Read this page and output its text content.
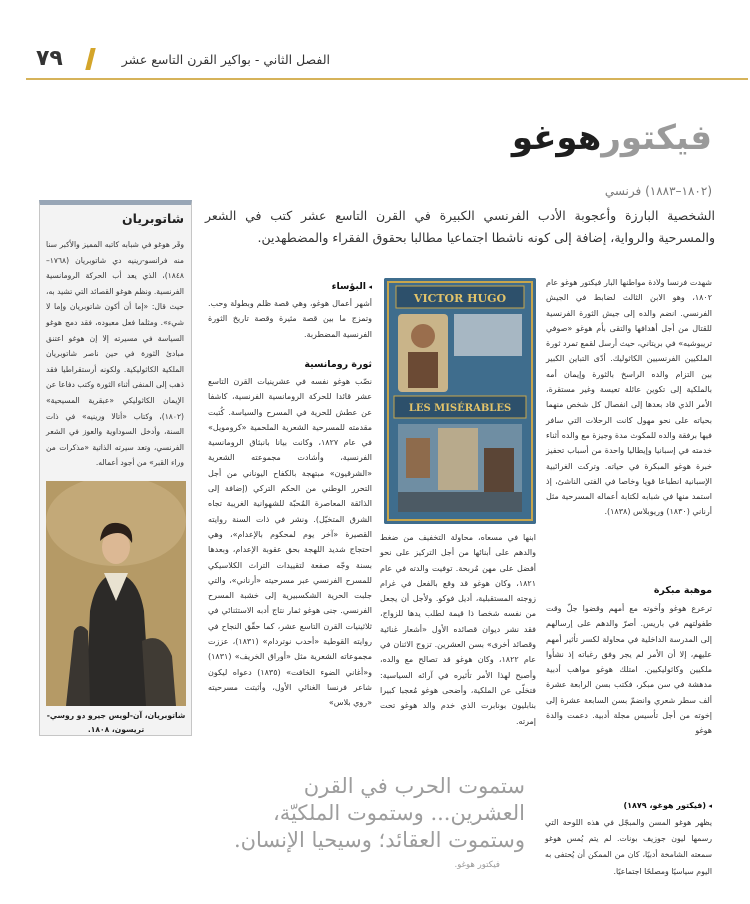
٧٩	الفصل الثاني - بواكير القرن التاسع عشر
فيكتورهوغو
(١٨٠٢–١٨٨٣) فرنسي
الشخصية البارزة وأعجوبة الأدب الفرنسي الكبيرة في القرن التاسع عشر كتب في الشعر والمسرحية والرواية، إضافة إلى كونه ناشطا اجتماعيا مطالبا بحقوق الفقراء والمضطهدين.
شاتوبريان
وقَر هوغو في شبابه كاتبه المميز والأكبر سنا منه فرانسو-رينيه دي شاتوبريان (١٧٦٨–١٨٤٨)، الذي يعد أب الحركة الرومانسية الفرنسية. ونظم هوغو القصائد التي تشيد به، حيث قال: «إما أن أكون شاتوبريان وإما لا شيء». ومثلما فعل معبوده، فقد دمج هوغو السياسة في مسيرته إلا إن هوغو اعتنق مبادئ الثورة في حين ناصر شاتوبريان الملكية الكاثوليكية. ولكونه أرستقراطيا فقد ذهب إلى المنفى أثناء الثورة وكتب دفاعا عن الإيمان الكاثوليكي «عبقرية المسيحية» (١٨٠٢)، وكتاب «أتالا ورينيه» في ذات السنة، وأدخل السوداوية والعوز في الشعر الفرنسي، وتعد سيرته الذاتية «مذكرات من وراء القبر» من أجود أعماله.
شاتوبريان، آن-لويس جيرو دو روسي-تريسون، ١٨٠٨.
VICTOR HUGO
LES MISÉRABLES
شهدت فرنسا ولادة مواطنها البار فيكتور هوغو عام ١٨٠٢، وهو الابن الثالث لضابط في الجيش الفرنسي. انضم والده إلى جيش الثورة الفرنسية للقتال من أجل أهدافها والتقى بأم هوغو «صوفي تريبوشيه» في بريتاني، حيث أرسل لقمع تمرد ثورة الملكيين الفرنسيين الكاثوليك. أدّى التباين الكبير بين التزام والده الراسخ بالثورة وإيمان أمه بالملكية إلى تكوين عائلة تعيسة وغير مستقرة، الأمر الذي قاد بعدها إلى انفصال كل شخص منهما بحياته على نحو مهول كانت الرحلات التي سافر فيها برفقة والده للمكوث مدة وجيزة مع والده أثناء خدمته في إسبانيا وإيطاليا واحدة من أسباب تحفيز خبرة هوغو المبكرة في حياته. وتركت الغرائبية الإسبانية انطباعا قويا وخاصا في الفتى الناشئ، إذ استمد منها في شبابه لكتابة أعماله المسرحية مثل أرناني (١٨٣٠) وريوبلاس (١٨٣٨).
موهبة مبكرة
ترعرع هوغو وأخوته مع أمهم وقضوا جلّ وقت طفولتهم في باريس. أصرّ والدهم على إرسالهم إلى المدرسة الداخلية في محاولة لكسر تأثير أمهم عليهم، إلا أن الأمر لم يجر وفق رغباته إذ نشأوا ملكيين وكاثوليكيين. امتلك هوغو مواهب أدبية مدهشة في سن مبكر، فكتب بسن الرابعة عشرة ألف سطر شعري وانضمّ بسن السابعة عشرة إلى إخوته من أجل تأسيس مجلة أدبية. دعمت والدة هوغو
ابنها في مسعاه، محاولة التخفيف من ضغط والدهم على أبنائها من أجل التركيز على نحو أفضل على مهن مُربحة. توفيت والدته في عام ١٨٢١، وكان هوغو قد وقع بالفعل في غرام زوجته المستقبلية، أديل فوكو. ولأجل أن يجعل من نفسه شخصا ذا قيمة لطلب يدها للزواج، فقد نشر ديوان قصائده الأول «أشعار غنائية وقصائد أخرى» بسن العشرين. تزوج الاثنان في عام ١٨٢٢، وكان هوغو قد تصالح مع والده، وأصبح لهذا الأمر تأثيره في آرائه السياسية: فتخلّى عن الملكية، وأضحى هوغو مُعجبا كبيرا بنابليون بونابرت الذي خدم والد هوغو تحت إمرته.
◂ البؤساء
أشهر أعمال هوغو، وهي قصة ظلم وبطولة وحب. وتمزج ما بين قصة مثيرة وقصة تاريخ الثورة الفرنسية المضطربة.
ثورة رومانسية
نصّب هوغو نفسه في عشرينيات القرن التاسع عشر قائدا للحركة الرومانسية الفرنسية، كاشفا عن عطش للحرية في المسرح والسياسة. كُتبت مقدمته للمسرحية الشعرية الملحمية «كرومويل» في عام ١٨٢٧، وكانت بيانا بانبثاق الرومانسية الفرنسية، وأشادت مجموعته الشعرية «الشرقيون» مبتهجة بالكفاح اليوناني من أجل التحرر الوطني من الحكم التركي (إضافة إلى الذائقة المعاصرة المُحبّة للشهوانية الغريبة تجاه الشرق المتخيّل). ونشر في ذات السنة روايته القصيرة «آخر يوم لمحكوم بالإعدام»، وهي احتجاج شديد اللهجة بحق عقوبة الإعدام، وبعدها بسنة وجّه صفعة لتقييدات التراث الكلاسيكي للمسرح الفرنسي عبر مسرحيته «أرناني»، والتي جلبت الحرية الشكسبيرية إلى خشبة المسرح الفرنسي. جنى هوغو ثمار نتاج أدبه الاستثنائي في ثلاثينيات القرن التاسع عشر، كما حقّق النجاح في روايته القوطية «أحدب نوتردام» (١٨٣١)، عززت مجموعاته الشعرية مثل «أوراق الخريف» (١٨٣١) و«أغاني الضوء الخافت» (١٨٣٥) دعواه ليكون شاعر فرنسا الغنائي الأول، وأثبتت مسرحيته «روي بلاس»
ستموت الحرب في القرن العشرين... وستموت الملكيّة، وستموت العقائد؛ وسيحيا الإنسان.
فيكتور هوغو.
◂ (فيكتور هوغو، ١٨٧٩)
يظهر هوغو المسن والمبجّل في هذه اللوحة التي رسمها ليون جوزيف بونات. لم يتم يُمس هوغو سمعته الشامخة أدبيًا، كان من الممكن أن يُحتفى به اليوم سياسيًا ومصلحًا اجتماعيًا.
